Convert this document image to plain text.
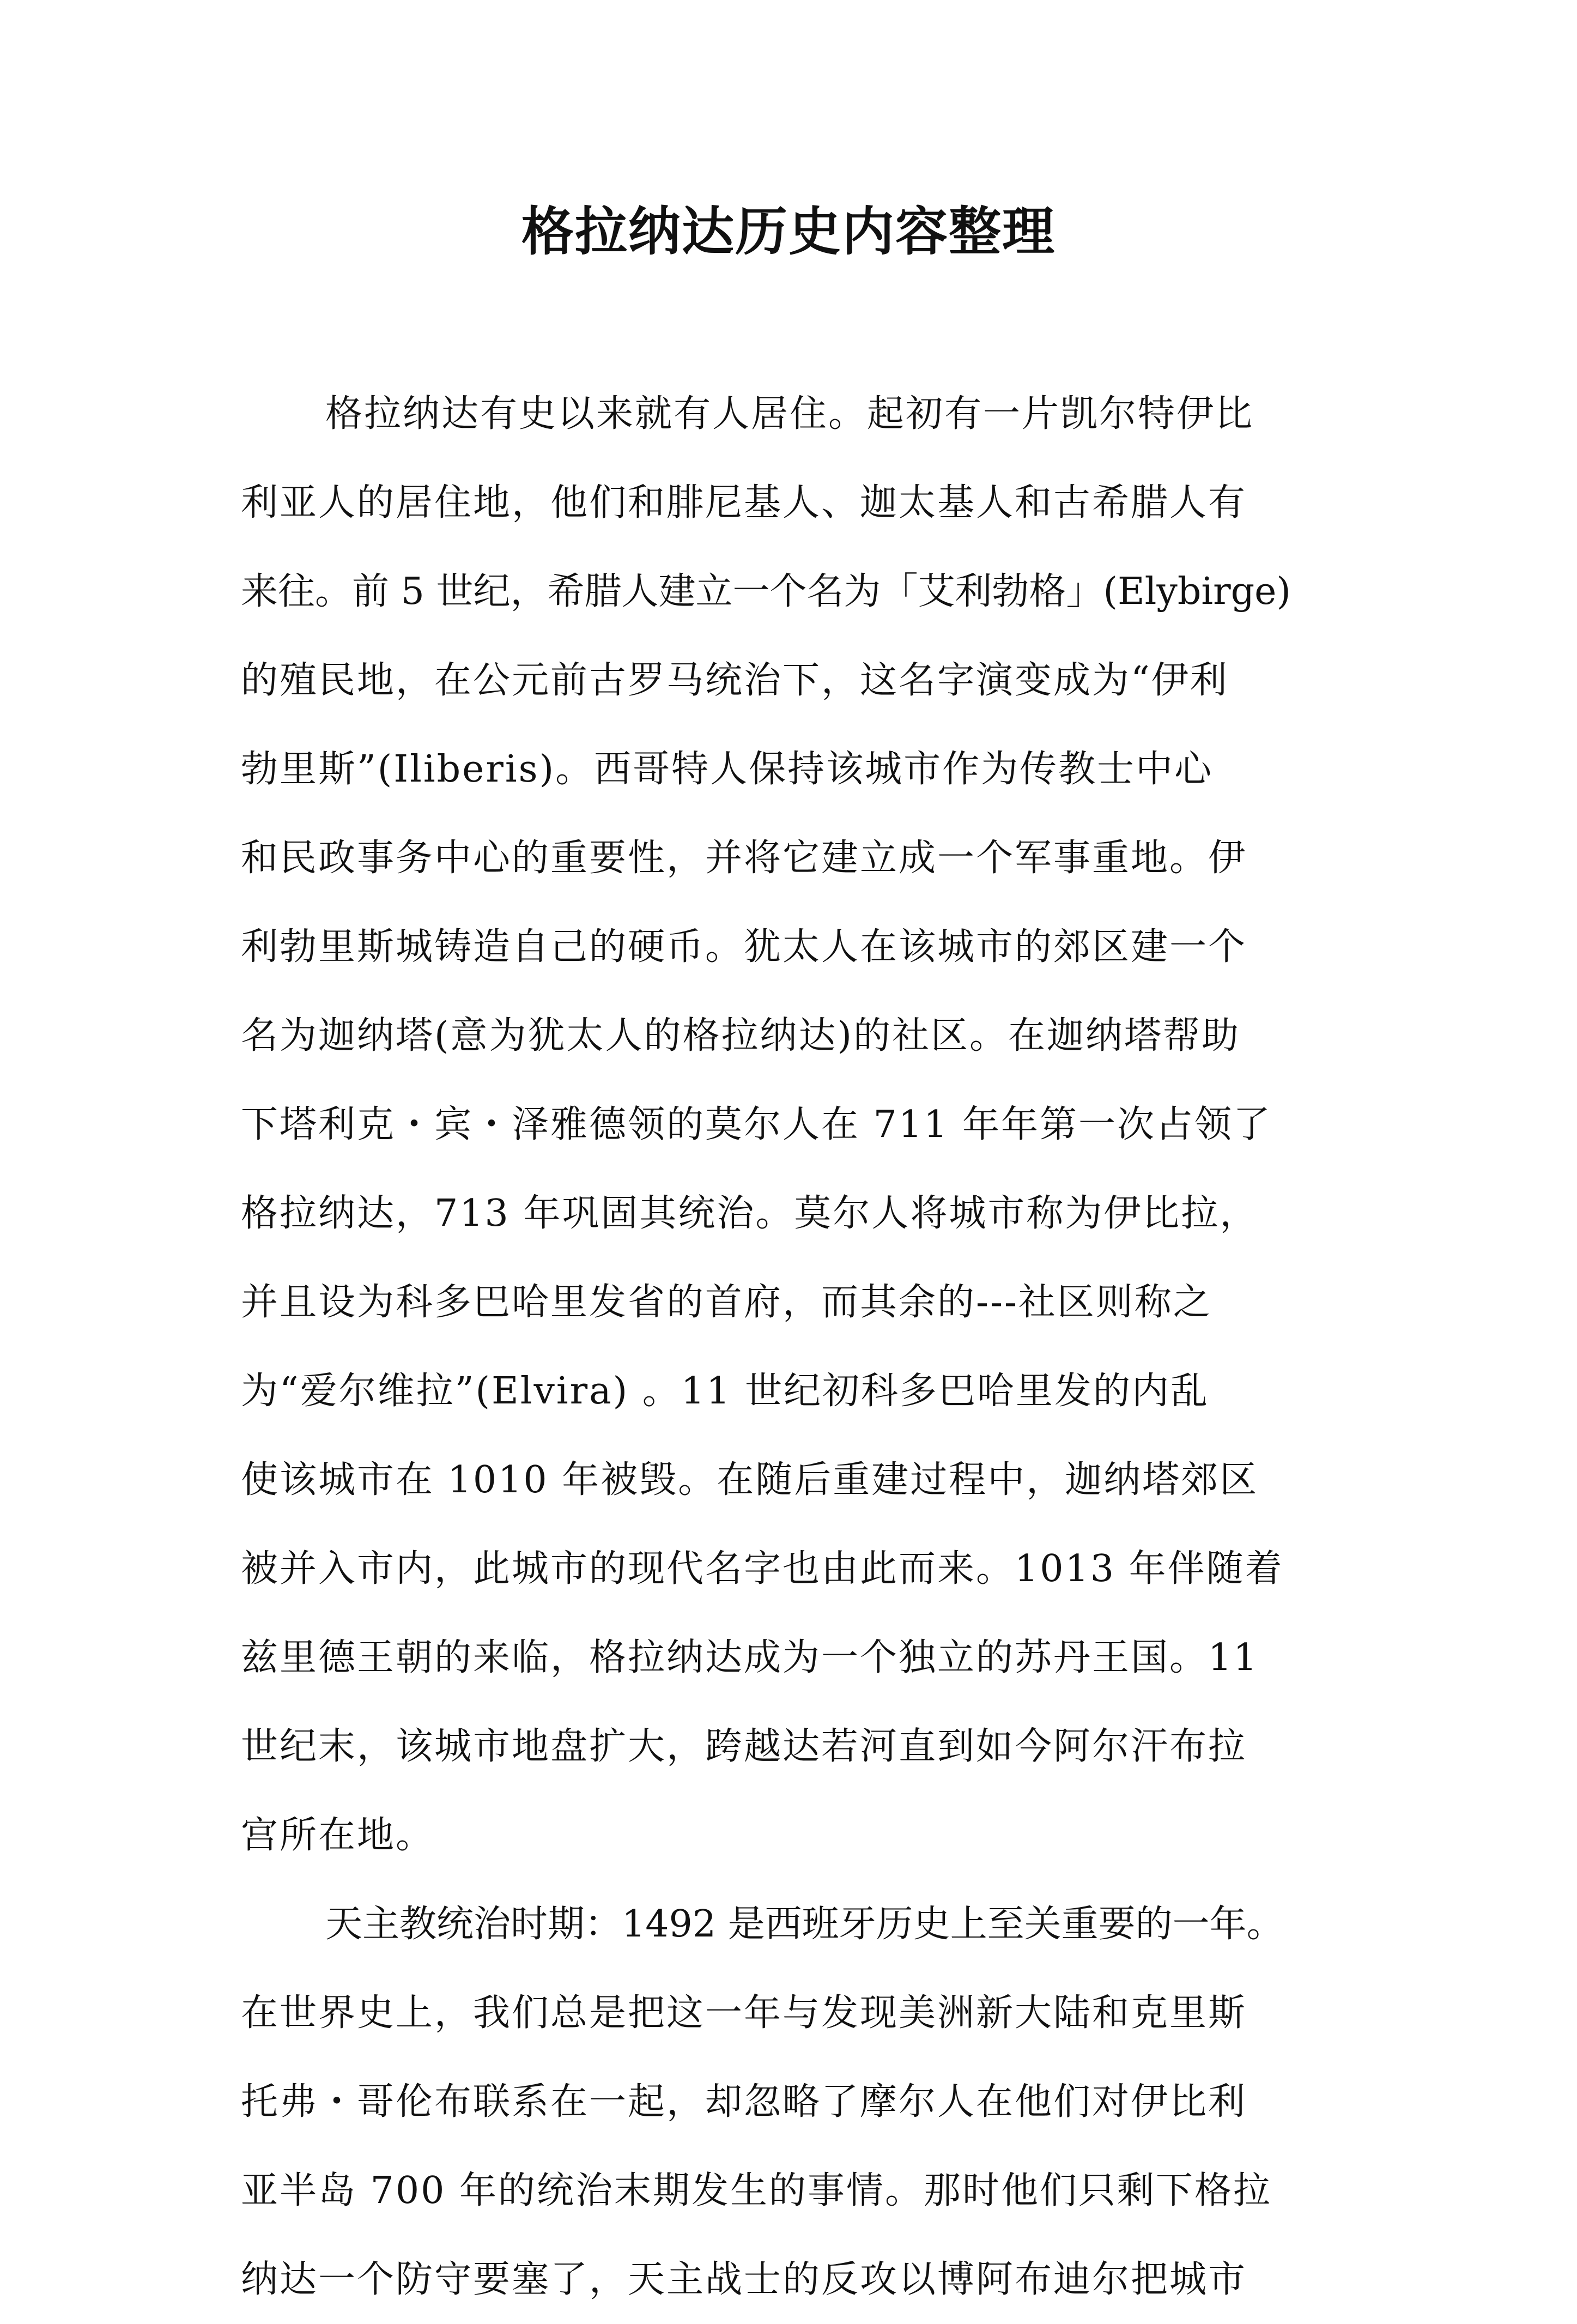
格拉纳达历史内容整理
格拉纳达有史以来就有人居住。起初有一片凯尔特伊比
利亚人的居住地，他们和腓尼基人、迦太基人和古希腊人有
来往。前 5 世纪，希腊人建立一个名为「艾利勃格」(Elybirge)
的殖民地，在公元前古罗马统治下，这名字演变成为“伊利
勃里斯”(Iliberis)。西哥特人保持该城市作为传教士中心
和民政事务中心的重要性，并将它建立成一个军事重地。伊
利勃里斯城铸造自己的硬币。犹太人在该城市的郊区建一个
名为迦纳塔(意为犹太人的格拉纳达)的社区。在迦纳塔帮助
下塔利克・宾・泽雅德领的莫尔人在 711 年年第一次占领了
格拉纳达，713 年巩固其统治。莫尔人将城市称为伊比拉，
并且设为科多巴哈里发省的首府，而其余的---社区则称之
为“爱尔维拉”(Elvira) 。11 世纪初科多巴哈里发的内乱
使该城市在 1010 年被毁。在随后重建过程中，迦纳塔郊区
被并入市内，此城市的现代名字也由此而来。1013 年伴随着
兹里德王朝的来临，格拉纳达成为一个独立的苏丹王国。11
世纪末，该城市地盘扩大，跨越达若河直到如今阿尔汗布拉
宫所在地。
天主教统治时期：1492 是西班牙历史上至关重要的一年。
在世界史上，我们总是把这一年与发现美洲新大陆和克里斯
托弗・哥伦布联系在一起，却忽略了摩尔人在他们对伊比利
亚半岛 700 年的统治末期发生的事情。那时他们只剩下格拉
纳达一个防守要塞了，天主战士的反攻以博阿布迪尔把城市
